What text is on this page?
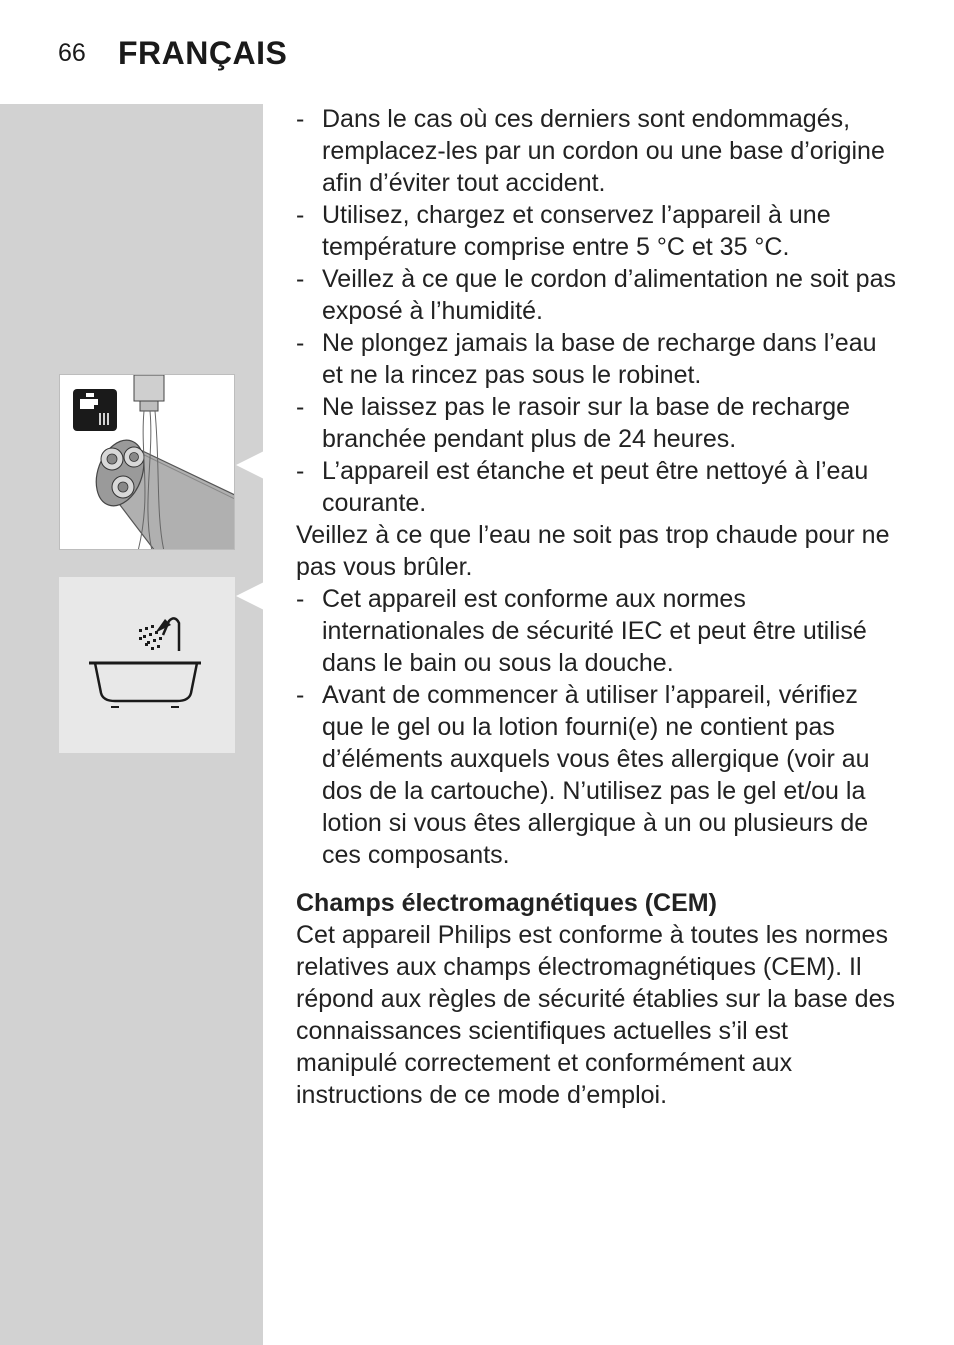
66 FRANÇAIS

- Dans le cas où ces derniers sont endommagés, remplacez-les par un cordon ou une base d’origine afin d’éviter tout accident.

- Utilisez, chargez et conservez l’appareil à une température comprise entre 5 °C et 35 °C.

- Veillez à ce que le cordon d’alimentation ne soit pas exposé à l’humidité.

- Ne plongez jamais la base de recharge dans l’eau et ne la rincez pas sous le robinet.

- Ne laissez pas le rasoir sur la base de recharge branchée pendant plus de 24 heures.

- L’appareil est étanche et peut être nettoyé à l’eau courante.

Veillez à ce que l’eau ne soit pas trop chaude pour ne pas vous brûler.

- Cet appareil est conforme aux normes internationales de sécurité IEC et peut être utilisé dans le bain ou sous la douche.

- Avant de commencer à utiliser l’appareil, vérifiez que le gel ou la lotion fourni(e) ne contient pas d’éléments auxquels vous êtes allergique (voir au dos de la cartouche). N’utilisez pas le gel et/ou la lotion si vous êtes allergique à un ou plusieurs de ces composants.

Champs électromagnétiques (CEM)

Cet appareil Philips est conforme à toutes les normes relatives aux champs électromagnétiques (CEM). Il répond aux règles de sécurité établies sur la base des connaissances scientifiques actuelles s’il est manipulé correctement et conformément aux instructions de ce mode d’emploi.
